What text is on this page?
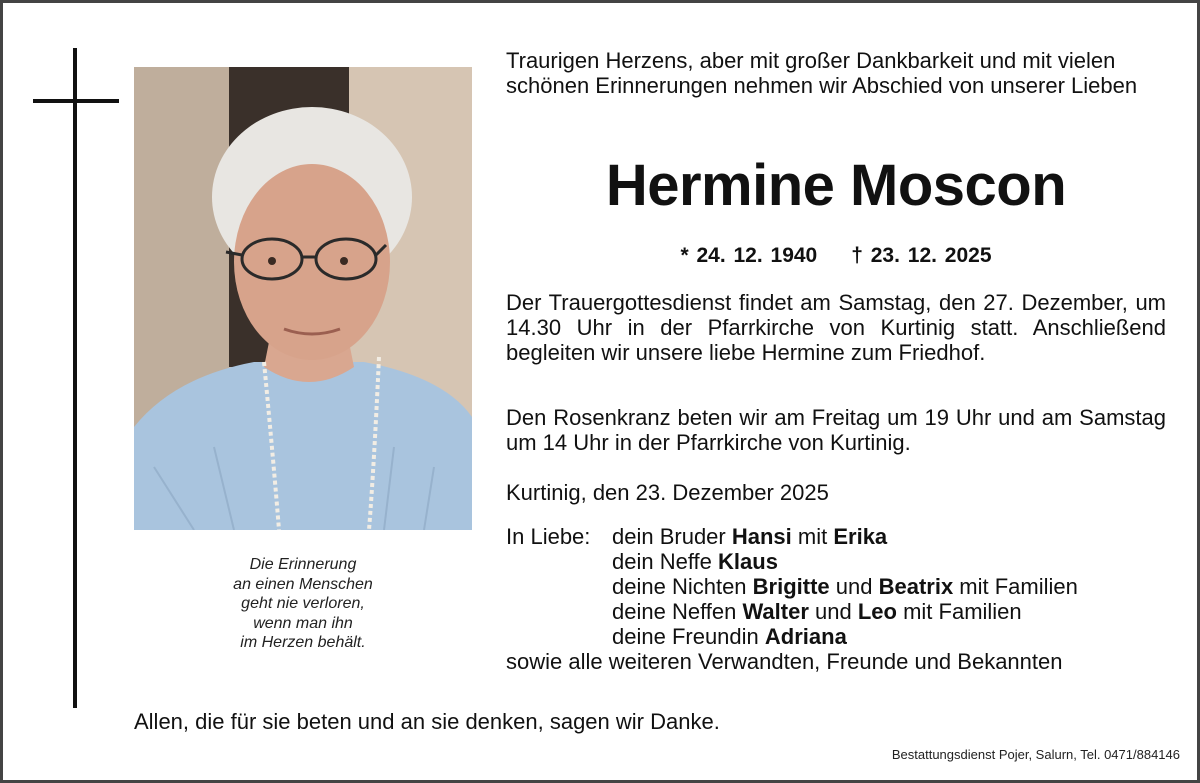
Die Erinnerung
an einen Menschen
geht nie verloren,
wenn man ihn
im Herzen behält.
Traurigen Herzens, aber mit großer Dankbarkeit und mit vielen schönen Erinnerungen nehmen wir Abschied von unserer Lieben
Hermine Moscon
* 24. 12. 1940 † 23. 12. 2025
Der Trauergottesdienst findet am Samstag, den 27. Dezember, um 14.30 Uhr in der Pfarrkirche von Kurtinig statt. Anschließend begleiten wir unsere liebe Hermine zum Friedhof.
Den Rosenkranz beten wir am Freitag um 19 Uhr und am Samstag um 14 Uhr in der Pfarrkirche von Kurtinig.
Kurtinig, den 23. Dezember 2025
In Liebe: dein Bruder Hansi mit Erika
dein Neffe Klaus
deine Nichten Brigitte und Beatrix mit Familien
deine Neffen Walter und Leo mit Familien
deine Freundin Adriana
sowie alle weiteren Verwandten, Freunde und Bekannten
Allen, die für sie beten und an sie denken, sagen wir Danke.
Bestattungsdienst Pojer, Salurn, Tel. 0471/884146
